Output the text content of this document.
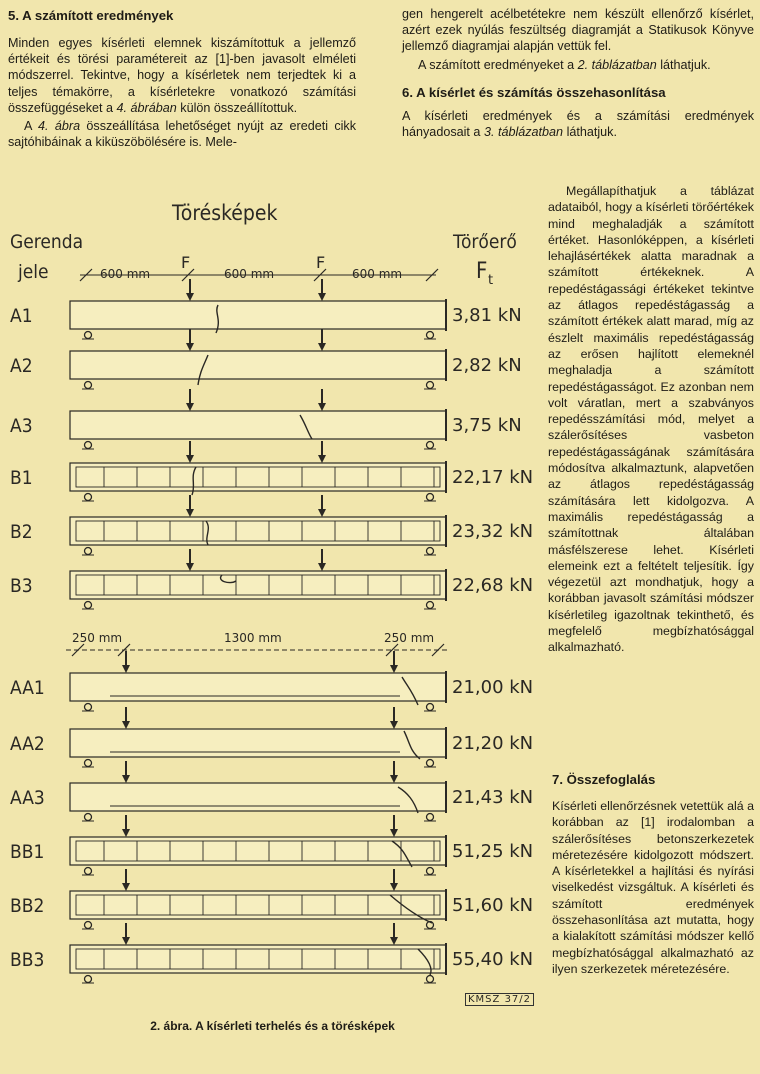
5. A számított eredmények

Minden egyes kísérleti elemnek kiszámítottuk a jellemző értékeit és törési paramétereit az [1]-ben javasolt elméleti módszerrel. Tekintve, hogy a kísérletek nem terjedtek ki a teljes témakörre, a kísérletekre vonatkozó számítási összefüggéseket a 4. ábrában külön összeállítottuk.

A 4. ábra összeállítása lehetőséget nyújt az eredeti cikk sajtóhibáinak a kiküszöbölésére is. Mele-

gen hengerelt acélbetétekre nem készült ellenőrző kísérlet, azért ezek nyúlás feszültség diagramját a Statikusok Könyve jellemző diagramjai alapján vettük fel.

A számított eredményeket a 2. táblázatban láthatjuk.

6. A kísérlet és számítás összehasonlítása

A kísérleti eredmények és a számítási eredmények hányadosait a 3. táblázatban láthatjuk.

Megállapíthatjuk a táblázat adataiból, hogy a kísérleti törőértékek mind meghaladják a számított értéket. Hasonlóképpen, a kísérleti lehajlásértékek alatta maradnak a számított értékeknek. A repedéstágassági értékeket tekintve az átlagos repedéstágasság a számított értékek alatt marad, míg az észlelt maximális repedéstágasság az erősen hajlított elemeknél meghaladja a számított repedéstágasságot. Ez azonban nem volt váratlan, mert a szabványos repedésszámítási mód, melyet a szálerősítéses vasbeton repedéstágasságának számítására módosítva alkalmaztunk, alapvetően az átlagos repedéstágasság számítására lett kidolgozva. A maximális repedéstágasság a számítottnak általában másfélszerese lehet. Kísérleti elemeink ezt a feltételt teljesítik. Így végezetül azt mondhatjuk, hogy a korábban javasolt számítási módszer kísérletileg igazoltnak tekinthető, és megfelelő megbízhatósággal alkalmazható.

7. Összefoglalás

Kísérleti ellenőrzésnek vetettük alá a korábban az [1] irodalomban a szálerősítéses betonszerkezetek méretezésére kidolgozott módszert. A kísérletekkel a hajlítási és nyírási viselkedést vizsgáltuk. A kísérleti és számított eredmények összehasonlítása azt mutatta, hogy a kialakított számítási módszer kellő megbízhatósággal alkalmazható az ilyen szerkezetek méretezésére.

Törésképek
Gerenda
jele
Törőerő
F t
600 mm	600 mm	600 mm
F	F
250 mm	1300 mm	250 mm
A1	3,81 kN
A2	2,82 kN
A3	3,75 kN
B1	22,17 kN
B2	23,32 kN
B3	22,68 kN
AA1	21,00 kN
AA2	21,20 kN
AA3	21,43 kN
BB1	51,25 kN
BB2	51,60 kN
BB3	55,40 kN
KMSZ 37/2
2. ábra. A kísérleti terhelés és a törésképek
